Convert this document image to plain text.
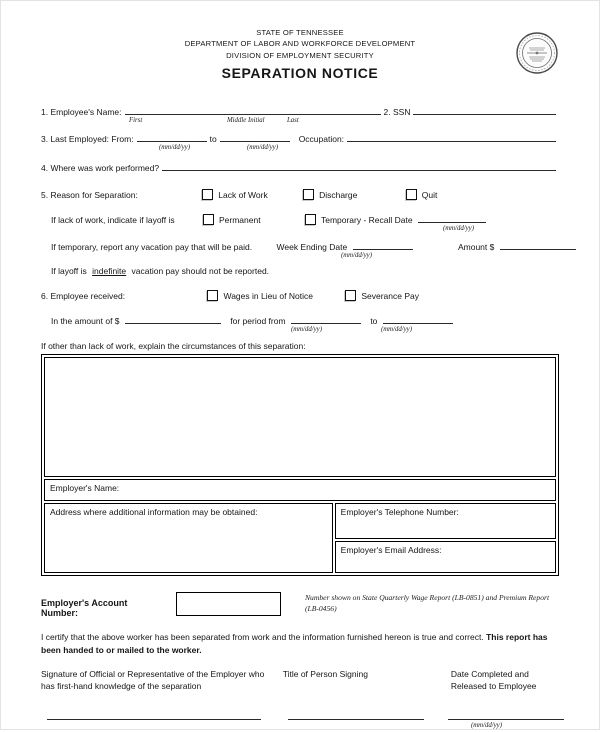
STATE OF TENNESSEE
DEPARTMENT OF LABOR AND WORKFORCE DEVELOPMENT
DIVISION OF EMPLOYMENT SECURITY
SEPARATION NOTICE
1. Employee's Name:	2. SSN
First	Middle Initial	Last
3. Last Employed: From:	to	Occupation:
(mm/dd/yy)	(mm/dd/yy)
4. Where was work performed?
5. Reason for Separation:	Lack of Work	Discharge	Quit
If lack of work, indicate if layoff is	Permanent	Temporary - Recall Date
(mm/dd/yy)
If temporary, report any vacation pay that will be paid.	Week Ending Date	Amount $
(mm/dd/yy)
If layoff is indefinite vacation pay should not be reported.
6. Employee received:	Wages in Lieu of Notice	Severance Pay
In the amount of $	for period from	to
(mm/dd/yy)	(mm/dd/yy)
If other than lack of work, explain the circumstances of this separation:
Employer's Name:
Address where additional information may be obtained:	Employer's Telephone Number:
Employer's Email Address:
Employer's Account Number:
Number shown on State Quarterly Wage Report (LB-0851) and Premium Report (LB-0456)
I certify that the above worker has been separated from work and the information furnished hereon is true and correct. This report has been handed to or mailed to the worker.
Signature of Official or Representative of the Employer who has first-hand knowledge of the separation
Title of Person Signing	Date Completed and Released to Employee

(mm/dd/yy)
